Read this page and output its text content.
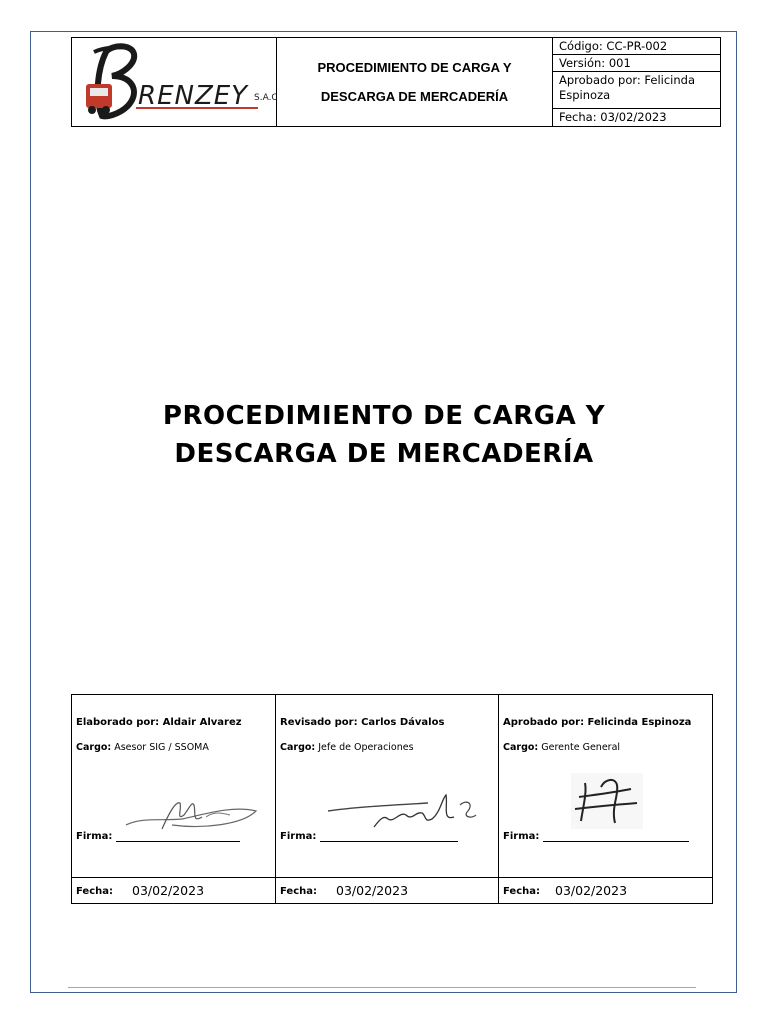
RENZEY S.A.C
PROCEDIMIENTO DE CARGA Y
DESCARGA DE MERCADERÍA
Código: CC-PR-002
Versión: 001
Aprobado por: Felicinda Espinoza
Fecha: 03/02/2023
PROCEDIMIENTO DE CARGA Y
DESCARGA DE MERCADERÍA
Elaborado por: Aldair Alvarez
Cargo: Asesor SIG / SSOMA
Firma:
Revisado por: Carlos Dávalos
Cargo: Jefe de Operaciones
Firma:
Aprobado por: Felicinda Espinoza
Cargo: Gerente General
Firma:
Fecha: 03/02/2023	Fecha: 03/02/2023	Fecha: 03/02/2023
